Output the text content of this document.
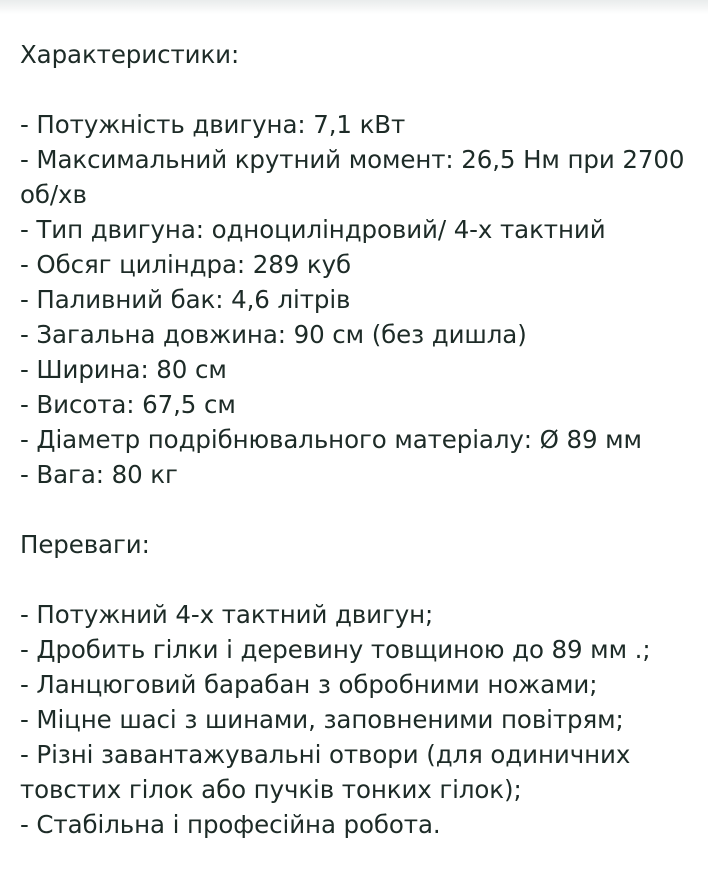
Характеристики:

- Потужність двигуна: 7,1 кВт
- Максимальний крутний момент: 26,5 Нм при 2700 об/хв
- Тип двигуна: одноциліндровий/ 4-х тактний
- Обсяг циліндра: 289 куб
- Паливний бак: 4,6 літрів
- Загальна довжина: 90 см (без дишла)
- Ширина: 80 см
- Висота: 67,5 см
- Діаметр подрібнювального матеріалу: Ø 89 мм
- Вага: 80 кг

Переваги:

- Потужний 4-х тактний двигун;
- Дробить гілки і деревину товщиною до 89 мм .;
- Ланцюговий барабан з обробними ножами;
- Міцне шасі з шинами, заповненими повітрям;
- Різні завантажувальні отвори (для одиничних товстих гілок або пучків тонких гілок);
- Стабільна і професійна робота.
